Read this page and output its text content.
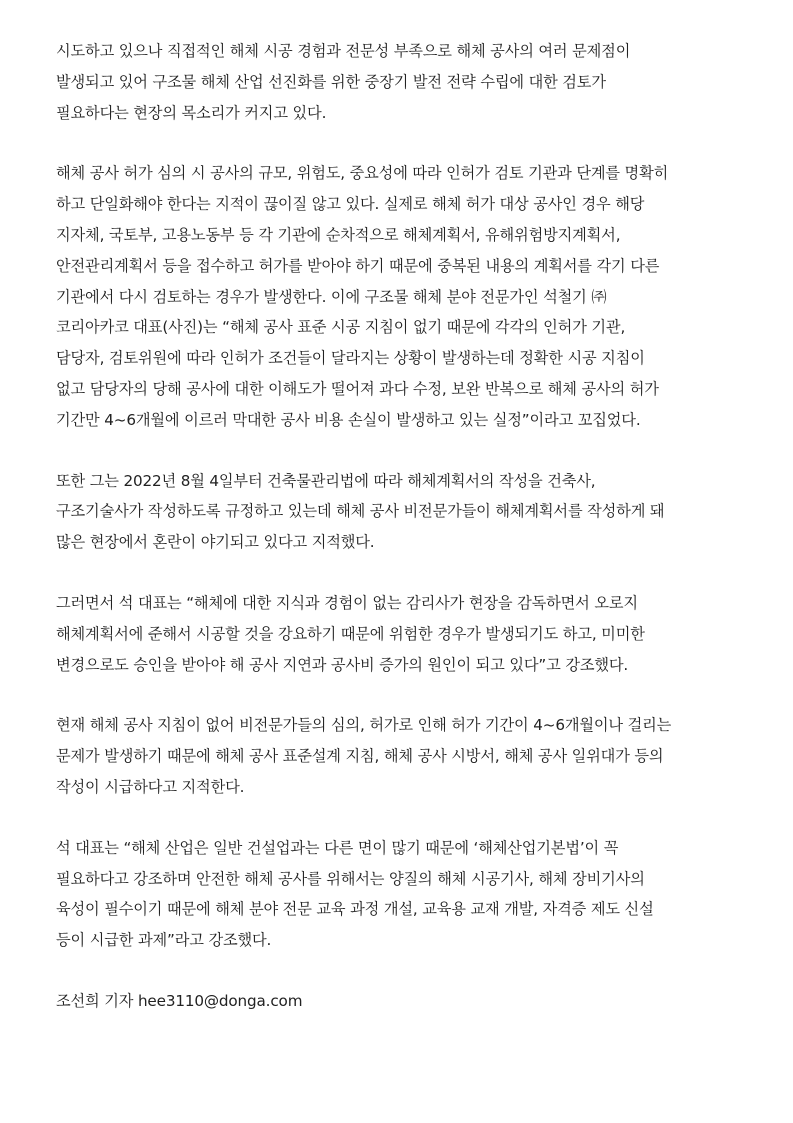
시도하고 있으나 직접적인 해체 시공 경험과 전문성 부족으로 해체 공사의 여러 문제점이
발생되고 있어 구조물 해체 산업 선진화를 위한 중장기 발전 전략 수립에 대한 검토가
필요하다는 현장의 목소리가 커지고 있다.
해체 공사 허가 심의 시 공사의 규모, 위험도, 중요성에 따라 인허가 검토 기관과 단계를 명확히
하고 단일화해야 한다는 지적이 끊이질 않고 있다. 실제로 해체 허가 대상 공사인 경우 해당
지자체, 국토부, 고용노동부 등 각 기관에 순차적으로 해체계획서, 유해위험방지계획서,
안전관리계획서 등을 접수하고 허가를 받아야 하기 때문에 중복된 내용의 계획서를 각기 다른
기관에서 다시 검토하는 경우가 발생한다. 이에 구조물 해체 분야 전문가인 석철기 ㈜
코리아카코 대표(사진)는 “해체 공사 표준 시공 지침이 없기 때문에 각각의 인허가 기관,
담당자, 검토위원에 따라 인허가 조건들이 달라지는 상황이 발생하는데 정확한 시공 지침이
없고 담당자의 당해 공사에 대한 이해도가 떨어져 과다 수정, 보완 반복으로 해체 공사의 허가
기간만 4~6개월에 이르러 막대한 공사 비용 손실이 발생하고 있는 실정”이라고 꼬집었다.
또한 그는 2022년 8월 4일부터 건축물관리법에 따라 해체계획서의 작성을 건축사,
구조기술사가 작성하도록 규정하고 있는데 해체 공사 비전문가들이 해체계획서를 작성하게 돼
많은 현장에서 혼란이 야기되고 있다고 지적했다.
그러면서 석 대표는 “해체에 대한 지식과 경험이 없는 감리사가 현장을 감독하면서 오로지
해체계획서에 준해서 시공할 것을 강요하기 때문에 위험한 경우가 발생되기도 하고, 미미한
변경으로도 승인을 받아야 해 공사 지연과 공사비 증가의 원인이 되고 있다”고 강조했다.
현재 해체 공사 지침이 없어 비전문가들의 심의, 허가로 인해 허가 기간이 4~6개월이나 걸리는
문제가 발생하기 때문에 해체 공사 표준설계 지침, 해체 공사 시방서, 해체 공사 일위대가 등의
작성이 시급하다고 지적한다.
석 대표는 “해체 산업은 일반 건설업과는 다른 면이 많기 때문에 ‘해체산업기본법’이 꼭
필요하다고 강조하며 안전한 해체 공사를 위해서는 양질의 해체 시공기사, 해체 장비기사의
육성이 필수이기 때문에 해체 분야 전문 교육 과정 개설, 교육용 교재 개발, 자격증 제도 신설
등이 시급한 과제”라고 강조했다.
조선희 기자 hee3110@donga.com
